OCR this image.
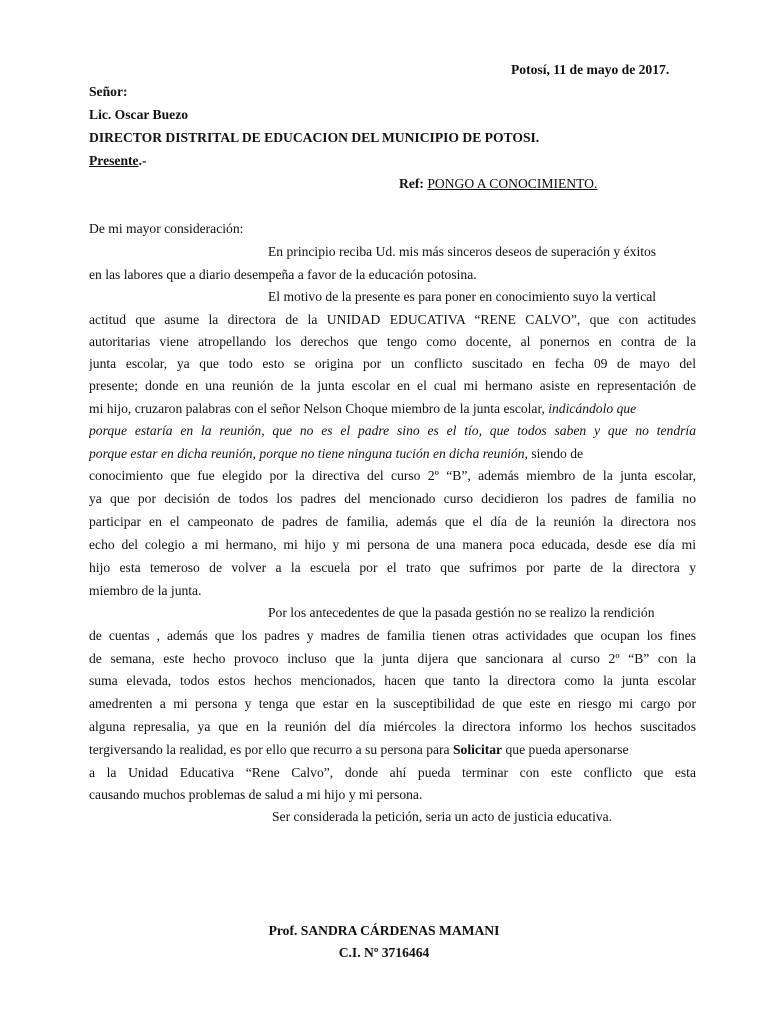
Potosí, 11 de mayo de 2017.
Señor:
Lic. Oscar Buezo
DIRECTOR DISTRITAL DE EDUCACION DEL MUNICIPIO DE POTOSI.
Presente.-
Ref: PONGO A CONOCIMIENTO.
De mi mayor consideración:
En principio reciba Ud. mis más sinceros deseos de superación y éxitos
en las labores que a diario desempeña a favor de la educación potosina.
El motivo de la presente es para poner en conocimiento suyo la vertical
actitud que asume la directora de la UNIDAD EDUCATIVA “RENE CALVO”, que con actitudes
autoritarias viene atropellando los derechos que tengo como docente, al ponernos en contra de la
junta escolar, ya que todo esto se origina por un conflicto suscitado en fecha 09 de mayo del
presente; donde en una reunión de la junta escolar en el cual mi hermano asiste en representación de
mi hijo, cruzaron palabras con el señor Nelson Choque miembro de la junta escolar, indicándolo que
porque estaría en la reunión, que no es el padre sino es el tío, que todos saben y que no tendría
porque estar en dicha reunión, porque no tiene ninguna tución en dicha reunión, siendo de
conocimiento que fue elegido por la directiva del curso 2º “B”, además miembro de la junta escolar,
ya que por decisión de todos los padres del mencionado curso decidieron los padres de familia no
participar en el campeonato de padres de familia, además que el día de la reunión la directora nos
echo del colegio a mi hermano, mi hijo y mi persona de una manera poca educada, desde ese día mi
hijo esta temeroso de volver a la escuela por el trato que sufrimos por parte de la directora y
miembro de la junta.
Por los antecedentes de que la pasada gestión no se realizo la rendición
de cuentas , además que los padres y madres de familia tienen otras actividades que ocupan los fines
de semana, este hecho provoco incluso que la junta dijera que sancionara al curso 2º “B” con la
suma elevada, todos estos hechos mencionados, hacen que tanto la directora como la junta escolar
amedrenten a mi persona y tenga que estar en la susceptibilidad de que este en riesgo mi cargo por
alguna represalia, ya que en la reunión del día miércoles la directora informo los hechos suscitados
tergiversando la realidad, es por ello que recurro a su persona para Solicitar que pueda apersonarse
a la Unidad Educativa “Rene Calvo”, donde ahí pueda terminar con este conflicto que esta
causando muchos problemas de salud a mi hijo y mi persona.
Ser considerada la petición, seria un acto de justicia educativa.
Prof. SANDRA CÁRDENAS MAMANI
C.I. Nº 3716464
